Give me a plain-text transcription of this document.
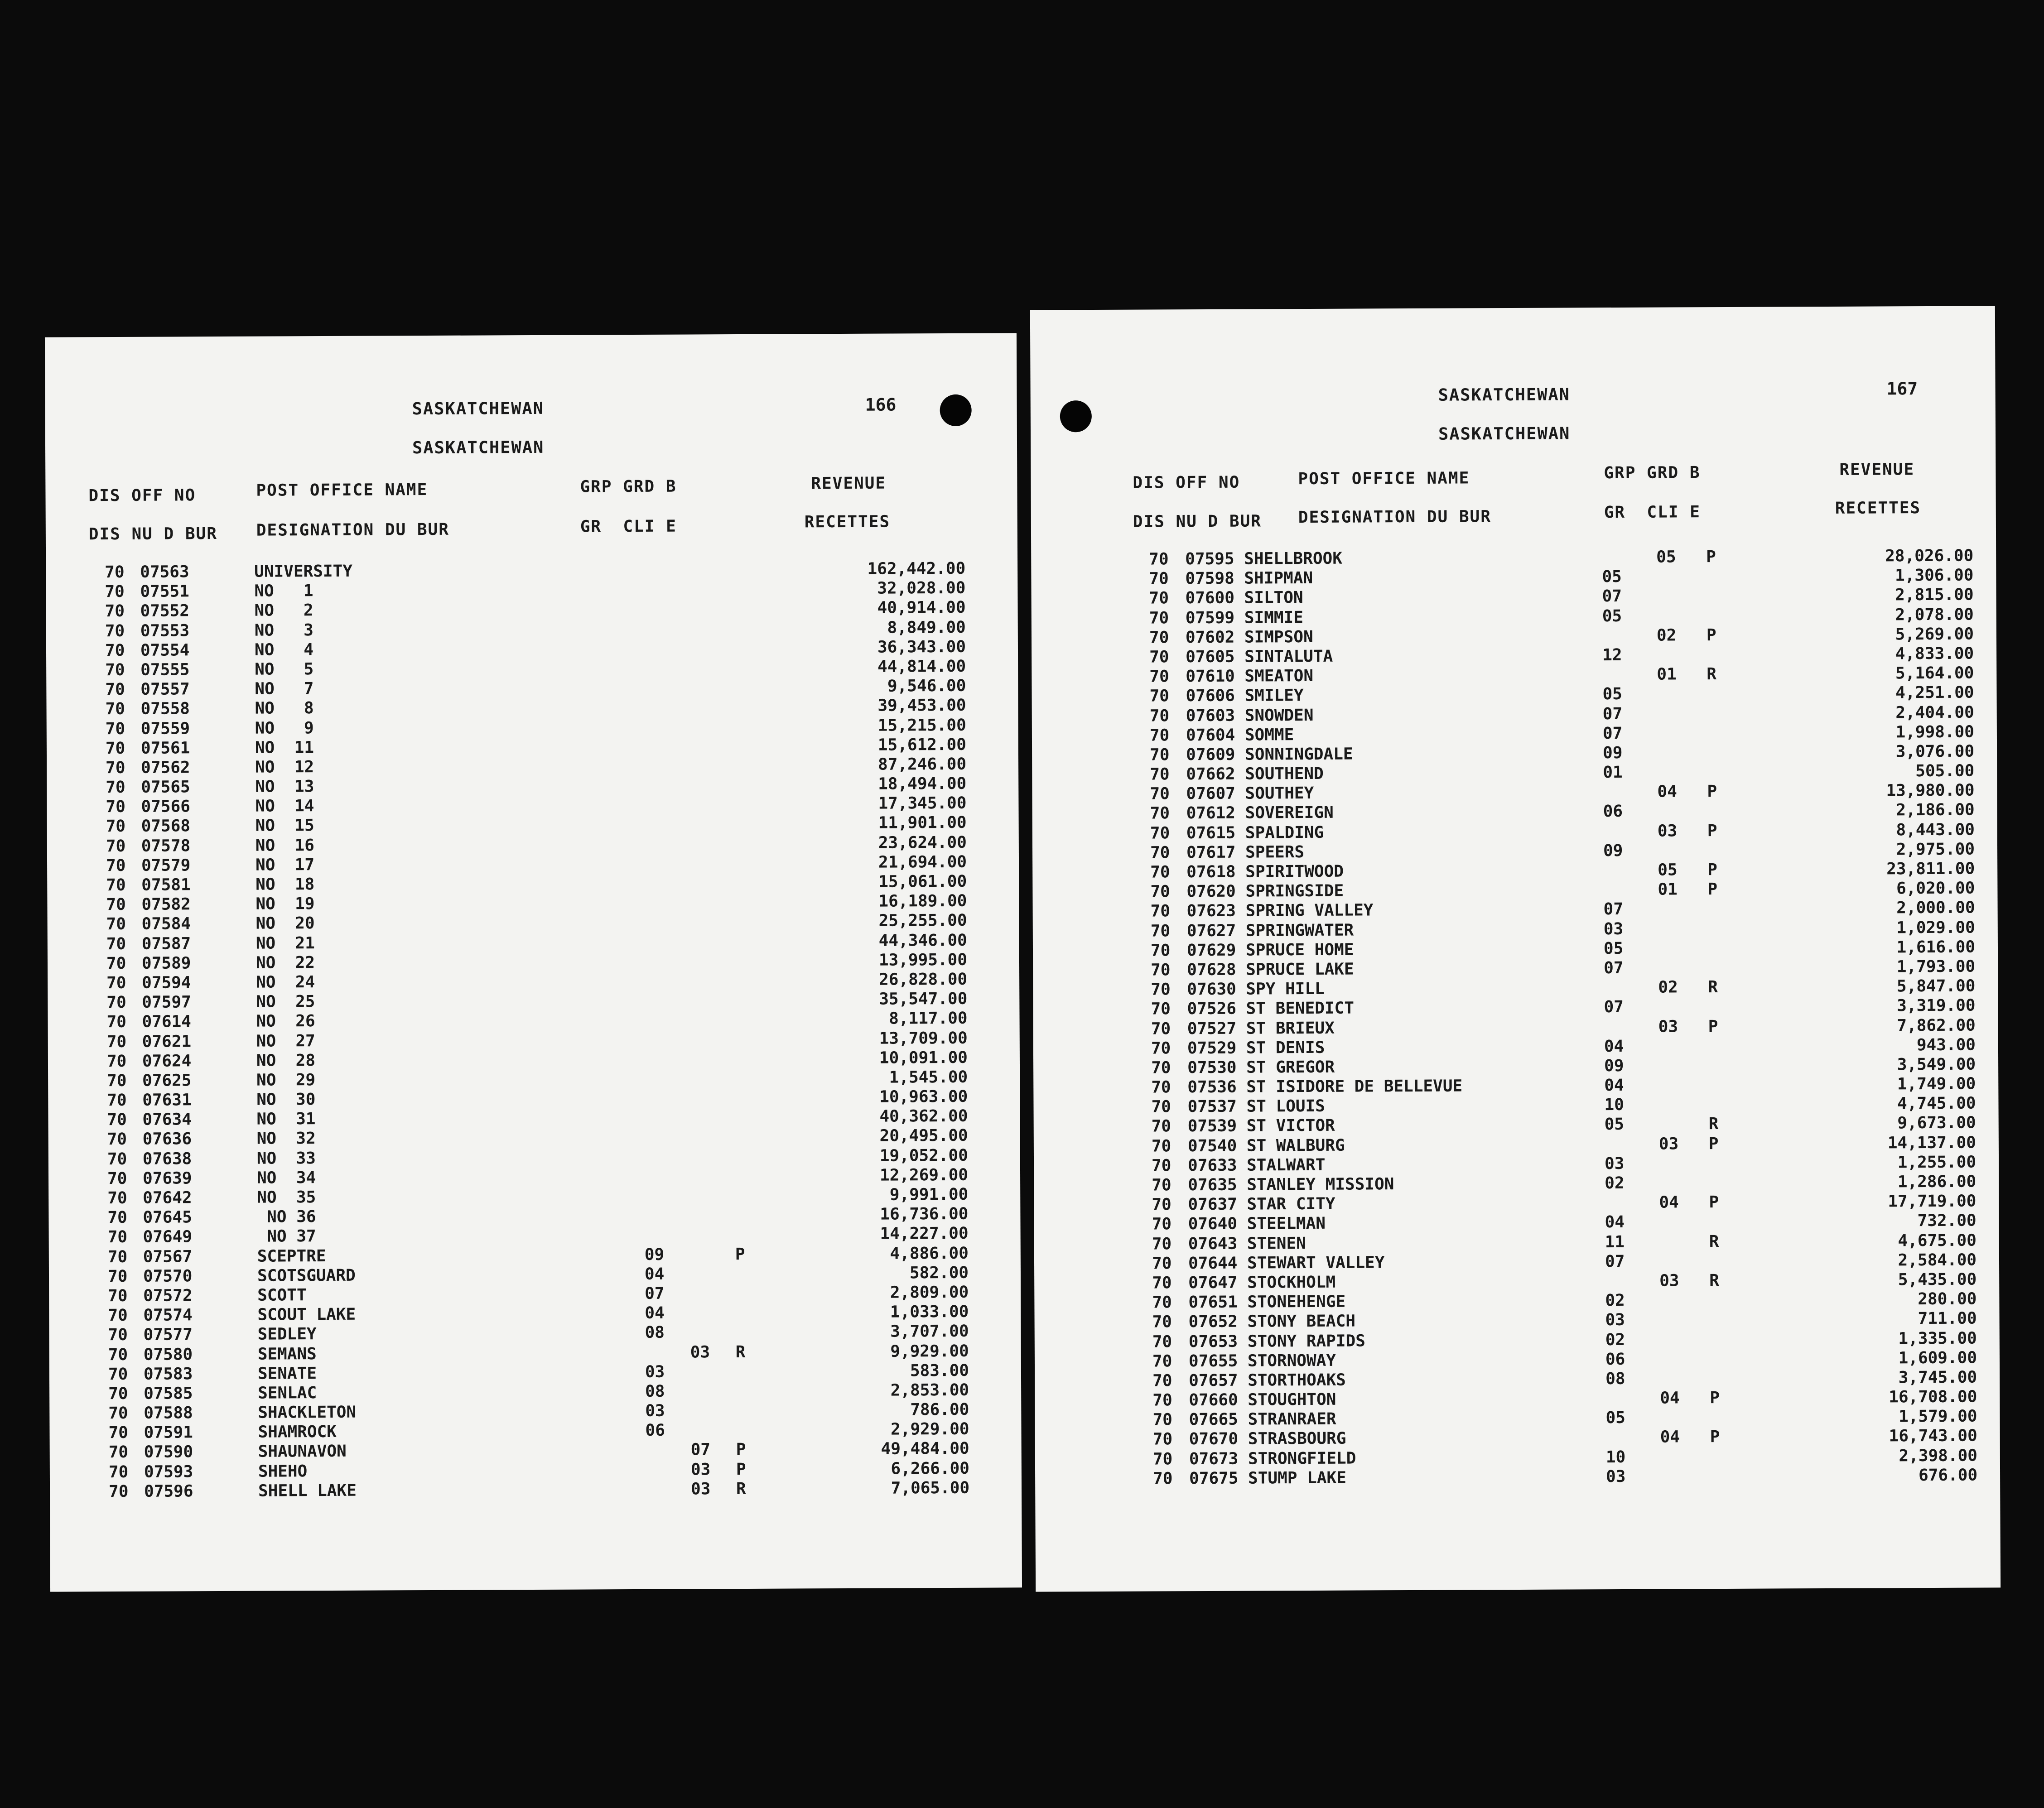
SASKATCHEWAN
SASKATCHEWAN
166
DIS OFF NO	POST OFFICE NAME	GRP GRD B	REVENUE
DIS NU D BUR DESIGNATION DU BUR	GR  CLI E	RECETTES
70 07563	UNIVERSITY	162,442.00
70 07551	NO   1	32,028.00
70 07552	NO   2	40,914.00
70 07553	NO   3	8,849.00
70 07554	NO   4	36,343.00
70 07555	NO   5	44,814.00
70 07557	NO   7	9,546.00
70 07558	NO   8	39,453.00
70 07559	NO   9	15,215.00
70 07561	NO  11	15,612.00
70 07562	NO  12	87,246.00
70 07565	NO  13	18,494.00
70 07566	NO  14	17,345.00
70 07568	NO  15	11,901.00
70 07578	NO  16	23,624.00
70 07579	NO  17	21,694.00
70 07581	NO  18	15,061.00
70 07582	NO  19	16,189.00
70 07584	NO  20	25,255.00
70 07587	NO  21	44,346.00
70 07589	NO  22	13,995.00
70 07594	NO  24	26,828.00
70 07597	NO  25	35,547.00
70 07614	NO  26	8,117.00
70 07621	NO  27	13,709.00
70 07624	NO  28	10,091.00
70 07625	NO  29	1,545.00
70 07631	NO  30	10,963.00
70 07634	NO  31	40,362.00
70 07636	NO  32	20,495.00
70 07638	NO  33	19,052.00
70 07639	NO  34	12,269.00
70 07642	NO  35	9,991.00
70 07645	NO 36	16,736.00
70 07649	NO 37	14,227.00
70 07567	SCEPTRE	09	P	4,886.00
70 07570	SCOTSGUARD	04	582.00
70 07572	SCOTT	07	2,809.00
70 07574	SCOUT LAKE	04	1,033.00
70 07577	SEDLEY	08	3,707.00
70 07580	SEMANS	03 R	9,929.00
70 07583	SENATE	03	583.00
70 07585	SENLAC	08	2,853.00
70 07588	SHACKLETON	03	786.00
70 07591	SHAMROCK	06	2,929.00
70 07590	SHAUNAVON	07 P	49,484.00
70 07593	SHEHO	03 P	6,266.00
70 07596	SHELL LAKE	03 R	7,065.00
SASKATCHEWAN
SASKATCHEWAN
167
DIS OFF NO	POST OFFICE NAME	GRP GRD B	REVENUE
DIS NU D BUR DESIGNATION DU BUR	GR  CLI E	RECETTES
70 07595 SHELLBROOK	05 P	28,026.00
70 07598 SHIPMAN	05	1,306.00
70 07600 SILTON	07	2,815.00
70 07599 SIMMIE	05	2,078.00
70 07602 SIMPSON	02 P	5,269.00
70 07605 SINTALUTA	12	4,833.00
70 07610 SMEATON	01 R	5,164.00
70 07606 SMILEY	05	4,251.00
70 07603 SNOWDEN	07	2,404.00
70 07604 SOMME	07	1,998.00
70 07609 SONNINGDALE	09	3,076.00
70 07662 SOUTHEND	01	505.00
70 07607 SOUTHEY	04 P	13,980.00
70 07612 SOVEREIGN	06	2,186.00
70 07615 SPALDING	03 P	8,443.00
70 07617 SPEERS	09	2,975.00
70 07618 SPIRITWOOD	05 P	23,811.00
70 07620 SPRINGSIDE	01 P	6,020.00
70 07623 SPRING VALLEY	07	2,000.00
70 07627 SPRINGWATER	03	1,029.00
70 07629 SPRUCE HOME	05	1,616.00
70 07628 SPRUCE LAKE	07	1,793.00
70 07630 SPY HILL	02 R	5,847.00
70 07526 ST BENEDICT	07	3,319.00
70 07527 ST BRIEUX	03 P	7,862.00
70 07529 ST DENIS	04	943.00
70 07530 ST GREGOR	09	3,549.00
70 07536 ST ISIDORE DE BELLEVUE	04	1,749.00
70 07537 ST LOUIS	10	4,745.00
70 07539 ST VICTOR	05	R	9,673.00
70 07540 ST WALBURG	03 P	14,137.00
70 07633 STALWART	03	1,255.00
70 07635 STANLEY MISSION	02	1,286.00
70 07637 STAR CITY	04 P	17,719.00
70 07640 STEELMAN	04	732.00
70 07643 STENEN	11	R	4,675.00
70 07644 STEWART VALLEY	07	2,584.00
70 07647 STOCKHOLM	03 R	5,435.00
70 07651 STONEHENGE	02	280.00
70 07652 STONY BEACH	03	711.00
70 07653 STONY RAPIDS	02	1,335.00
70 07655 STORNOWAY	06	1,609.00
70 07657 STORTHOAKS	08	3,745.00
70 07660 STOUGHTON	04 P	16,708.00
70 07665 STRANRAER	05	1,579.00
70 07670 STRASBOURG	04 P	16,743.00
70 07673 STRONGFIELD	10	2,398.00
70 07675 STUMP LAKE	03	676.00
